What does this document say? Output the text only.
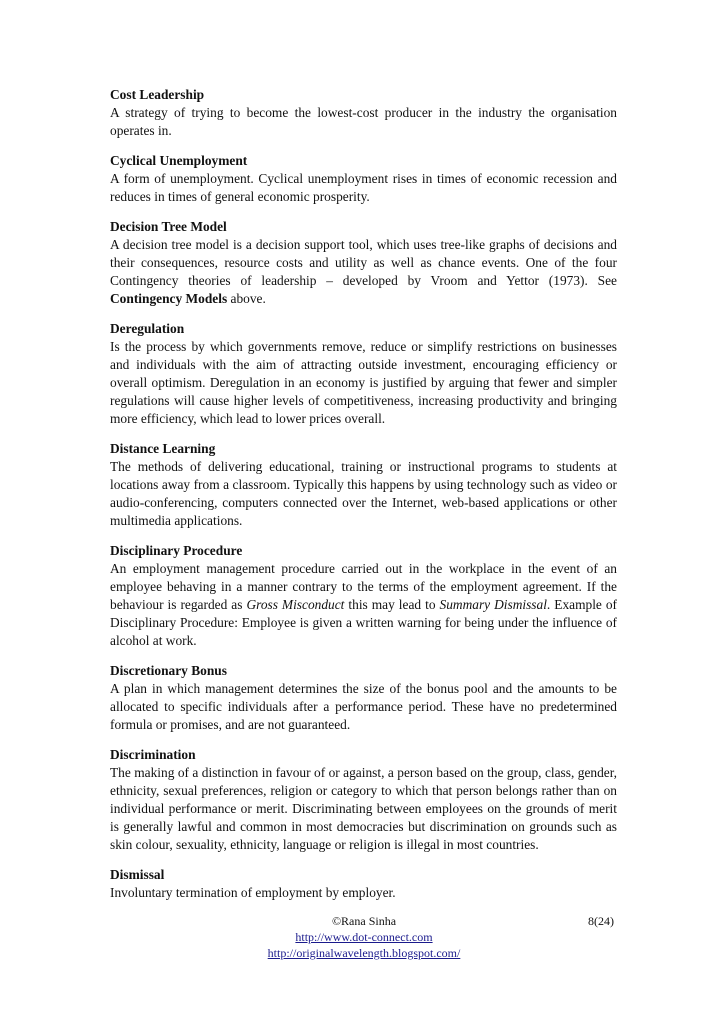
Cost Leadership

A strategy of trying to become the lowest-cost producer in the industry the organisation operates in.

Cyclical Unemployment

A form of unemployment. Cyclical unemployment rises in times of economic recession and reduces in times of general economic prosperity.

Decision Tree Model

A decision tree model is a decision support tool, which uses tree-like graphs of decisions and their consequences, resource costs and utility as well as chance events. One of the four Contingency theories of leadership – developed by Vroom and Yettor (1973). See Contingency Models above.

Deregulation

Is the process by which governments remove, reduce or simplify restrictions on businesses and individuals with the aim of attracting outside investment, encouraging efficiency or overall optimism. Deregulation in an economy is justified by arguing that fewer and simpler regulations will cause higher levels of competitiveness, increasing productivity and bringing more efficiency, which lead to lower prices overall.

Distance Learning

The methods of delivering educational, training or instructional programs to students at locations away from a classroom. Typically this happens by using technology such as video or audio-conferencing, computers connected over the Internet, web-based applications or other multimedia applications.

Disciplinary Procedure

An employment management procedure carried out in the workplace in the event of an employee behaving in a manner contrary to the terms of the employment agreement. If the behaviour is regarded as Gross Misconduct this may lead to Summary Dismissal. Example of Disciplinary Procedure: Employee is given a written warning for being under the influence of alcohol at work.

Discretionary Bonus

A plan in which management determines the size of the bonus pool and the amounts to be allocated to specific individuals after a performance period. These have no predetermined formula or promises, and are not guaranteed.

Discrimination

The making of a distinction in favour of or against, a person based on the group, class, gender, ethnicity, sexual preferences, religion or category to which that person belongs rather than on individual performance or merit. Discriminating between employees on the grounds of merit is generally lawful and common in most democracies but discrimination on grounds such as skin colour, sexuality, ethnicity, language or religion is illegal in most countries.

Dismissal

Involuntary termination of employment by employer.

©Rana Sinha	8(24)
http://www.dot-connect.com
http://originalwavelength.blogspot.com/
